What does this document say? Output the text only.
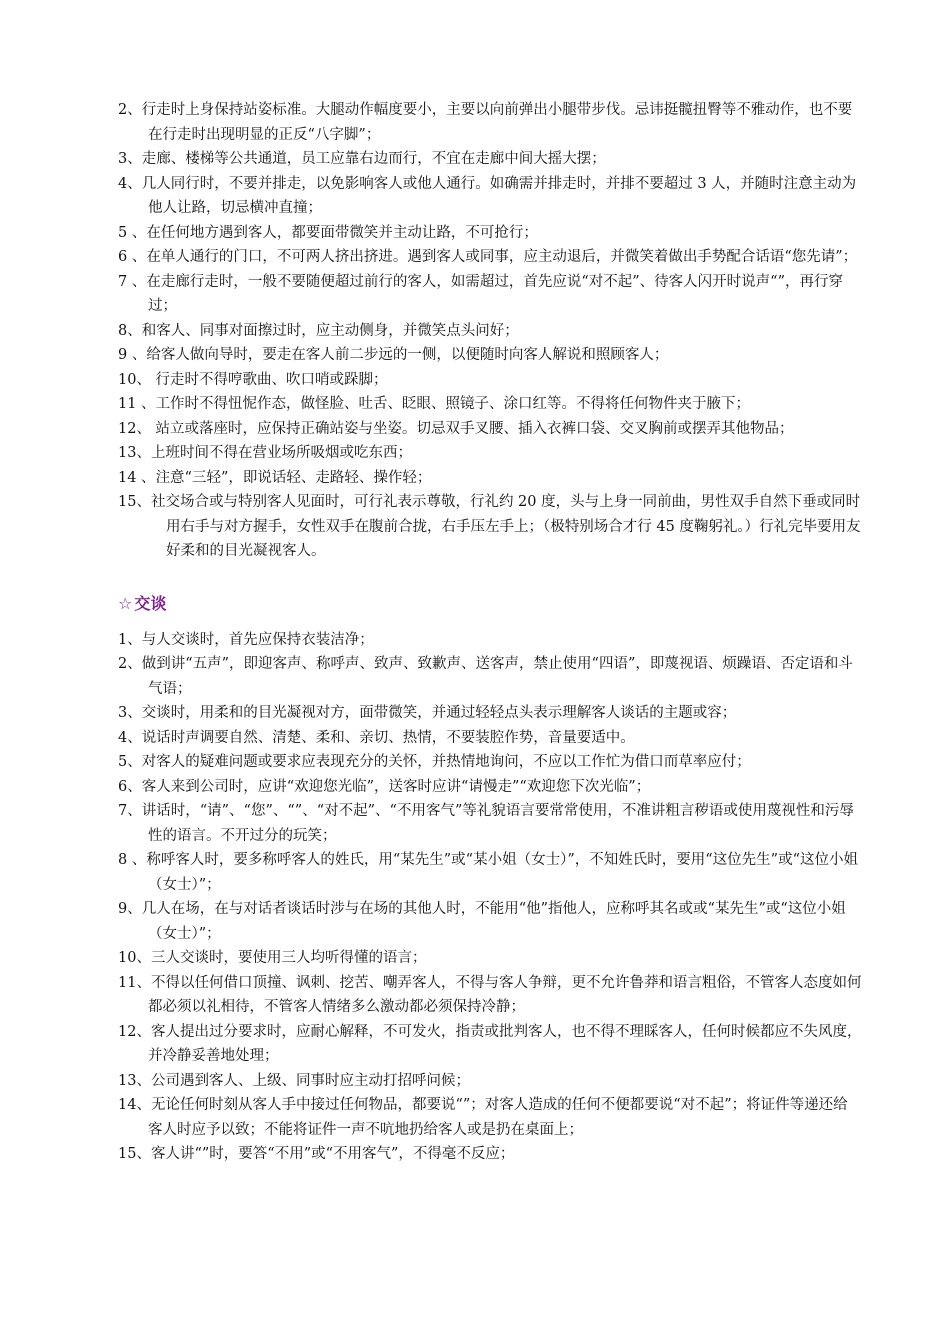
2、行走时上身保持站姿标准。大腿动作幅度要小，主要以向前弹出小腿带步伐。忌讳挺髋扭臀等不雅动作，也不要在行走时出现明显的正反“八字脚”；
3、走廊、楼梯等公共通道，员工应靠右边而行，不宜在走廊中间大摇大摆；
4、几人同行时，不要并排走，以免影响客人或他人通行。如确需并排走时，并排不要超过 3 人，并随时注意主动为他人让路，切忌横冲直撞；
5 、在任何地方遇到客人，都要面带微笑并主动让路，不可抢行；
6 、在单人通行的门口，不可两人挤出挤进。遇到客人或同事，应主动退后，并微笑着做出手势配合话语“您先请”；
7 、在走廊行走时，一般不要随便超过前行的客人，如需超过，首先应说“对不起”、待客人闪开时说声“”，再行穿过；
8、和客人、同事对面擦过时，应主动侧身，并微笑点头问好；
9 、给客人做向导时，要走在客人前二步远的一侧，以便随时向客人解说和照顾客人；
10、 行走时不得哼歌曲、吹口哨或跺脚；
11 、工作时不得忸怩作态，做怪脸、吐舌、眨眼、照镜子、涂口红等。不得将任何物件夹于腋下；
12、 站立或落座时，应保持正确站姿与坐姿。切忌双手叉腰、插入衣裤口袋、交叉胸前或摆弄其他物品；
13、上班时间不得在营业场所吸烟或吃东西；
14 、注意“三轻”，即说话轻、走路轻、操作轻；
15、社交场合或与特别客人见面时，可行礼表示尊敬，行礼约 20 度，头与上身一同前曲，男性双手自然下垂或同时用右手与对方握手，女性双手在腹前合拢，右手压左手上；（极特别场合才行 45 度鞠躬礼。）行礼完毕要用友好柔和的目光凝视客人。
☆ 交谈
1、与人交谈时，首先应保持衣装洁净；
2、做到讲“五声”，即迎客声、称呼声、致声、致歉声、送客声，禁止使用“四语”，即蔑视语、烦躁语、否定语和斗气语；
3、交谈时，用柔和的目光凝视对方，面带微笑，并通过轻轻点头表示理解客人谈话的主题或容；
4、说话时声调要自然、清楚、柔和、亲切、热情，不要装腔作势，音量要适中。
5、对客人的疑难问题或要求应表现充分的关怀，并热情地询问，不应以工作忙为借口而草率应付；
6、客人来到公司时，应讲“欢迎您光临”，送客时应讲“请慢走”“欢迎您下次光临”；
7、讲话时，“请”、“您”、“”、“对不起”、“不用客气”等礼貌语言要常常使用，不准讲粗言秽语或使用蔑视性和污辱性的语言。不开过分的玩笑；
8 、称呼客人时，要多称呼客人的姓氏，用“某先生”或“某小姐（女士）”，不知姓氏时，要用“这位先生”或“这位小姐（女士）”；
9、几人在场，在与对话者谈话时涉与在场的其他人时，不能用“他”指他人，应称呼其名或或“某先生”或“这位小姐（女士）”；
10、三人交谈时，要使用三人均听得懂的语言；
11、不得以任何借口顶撞、讽刺、挖苦、嘲弄客人，不得与客人争辩，更不允许鲁莽和语言粗俗，不管客人态度如何都必须以礼相待，不管客人情绪多么激动都必须保持冷静；
12、客人提出过分要求时，应耐心解释，不可发火，指责或批判客人，也不得不理睬客人，任何时候都应不失风度，并冷静妥善地处理；
13、公司遇到客人、上级、同事时应主动打招呼问候；
14、无论任何时刻从客人手中接过任何物品，都要说“”；对客人造成的任何不便都要说“对不起”；将证件等递还给客人时应予以致；不能将证件一声不吭地扔给客人或是扔在桌面上；
15、客人讲“”时，要答“不用”或“不用客气”，不得毫不反应；
